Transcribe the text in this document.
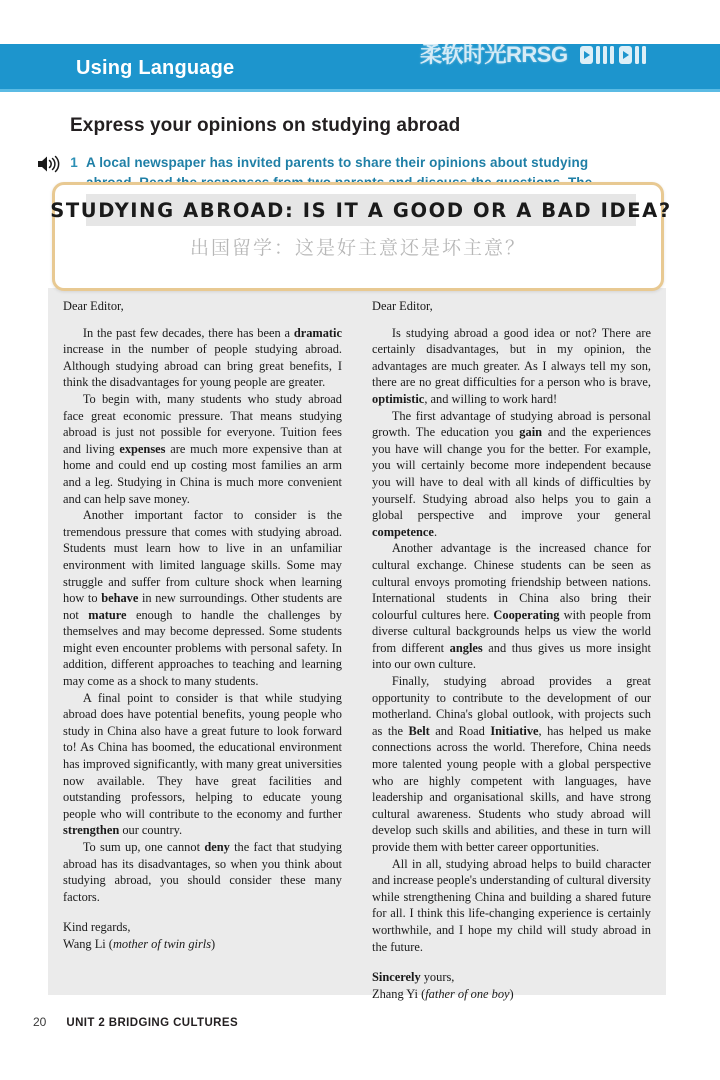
Using Language
柔软时光RRSG
Express your opinions on studying abroad
1 A local newspaper has invited parents to share their opinions about studying

Dear Editor,

In the past few decades, there has been a dramatic increase in the number of people studying abroad. Although studying abroad can bring great benefits, I think the disadvantages for young people are greater.

To begin with, many students who study abroad face great economic pressure. That means studying abroad is just not possible for everyone. Tuition fees and living expenses are much more expensive than at home and could end up costing most families an arm and a leg. Studying in China is much more convenient and can help save money.

Another important factor to consider is the tremendous pressure that comes with studying abroad. Students must learn how to live in an unfamiliar environment with limited language skills. Some may struggle and suffer from culture shock when learning how to behave in new surroundings. Other students are not mature enough to handle the challenges by themselves and may become depressed. Some students might even encounter problems with personal safety. In addition, different approaches to teaching and learning may come as a shock to many students.

A final point to consider is that while studying abroad does have potential benefits, young people who study in China also have a great future to look forward to! As China has boomed, the educational environment has improved significantly, with many great universities now available. They have great facilities and outstanding professors, helping to educate young people who will contribute to the economy and further strengthen our country.

To sum up, one cannot deny the fact that studying abroad has its disadvantages, so when you think about studying abroad, you should consider these many factors.

Kind regards,

Wang Li (mother of twin girls)

Dear Editor,

Is studying abroad a good idea or not? There are certainly disadvantages, but in my opinion, the advantages are much greater. As I always tell my son, there are no great difficulties for a person who is brave, optimistic, and willing to work hard!

The first advantage of studying abroad is personal growth. The education you gain and the experiences you have will change you for the better. For example, you will certainly become more independent because you will have to deal with all kinds of difficulties by yourself. Studying abroad also helps you to gain a global perspective and improve your general competence.

Another advantage is the increased chance for cultural exchange. Chinese students can be seen as cultural envoys promoting friendship between nations. International students in China also bring their colourful cultures here. Cooperating with people from diverse cultural backgrounds helps us view the world from different angles and thus gives us more insight into our own culture.

Finally, studying abroad provides a great opportunity to contribute to the development of our motherland. China's global outlook, with projects such as the Belt and Road Initiative, has helped us make connections across the world. Therefore, China needs more talented young people with a global perspective who are highly competent with languages, have leadership and organisational skills, and have strong cultural awareness. Students who study abroad will develop such skills and abilities, and these in turn will provide them with better career opportunities.

All in all, studying abroad helps to build character and increase people's understanding of cultural diversity while strengthening China and building a shared future for all. I think this life-changing experience is certainly worthwhile, and I hope my child will study abroad in the future.

Sincerely yours,

Zhang Yi (father of one boy)

20 UNIT 2 BRIDGING CULTURES
STUDYING ABROAD: IS IT A GOOD OR A BAD IDEA?
出国留学：这是好主意还是坏主意？
